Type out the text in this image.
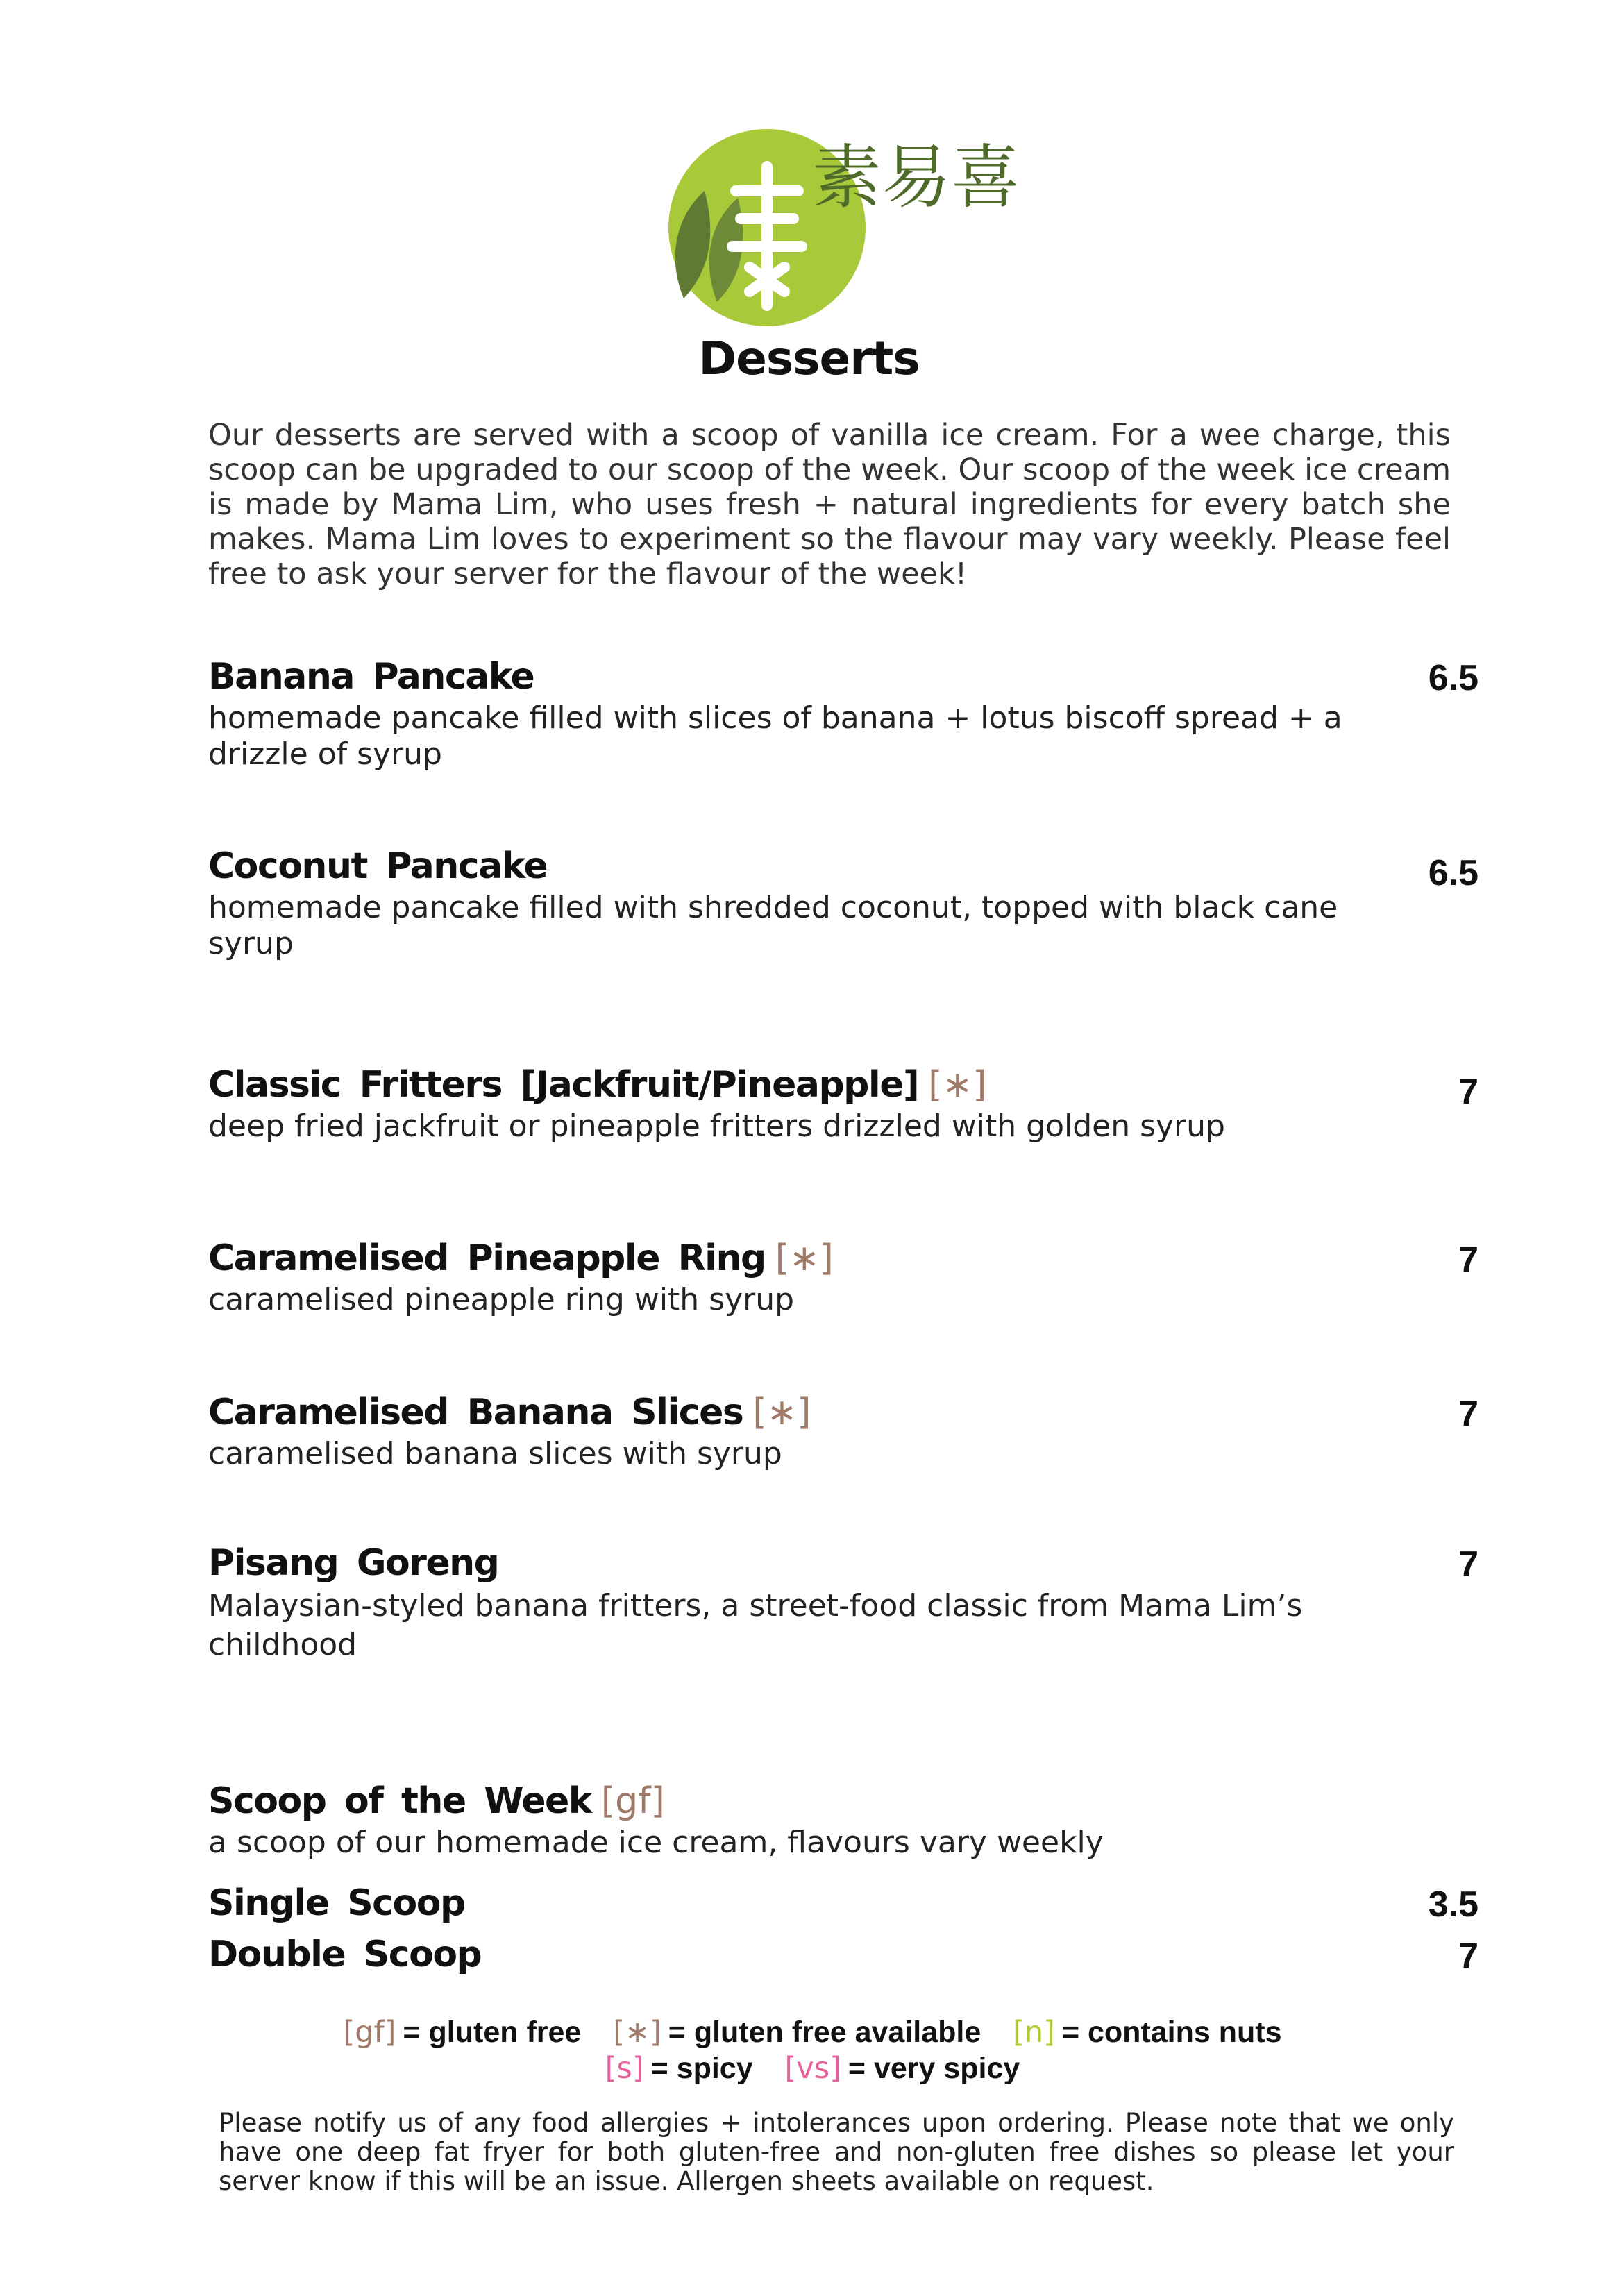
素易喜
Desserts
Our desserts are served with a scoop of vanilla ice cream. For a wee charge, this scoop can be upgraded to our scoop of the week. Our scoop of the week ice cream is made by Mama Lim, who uses fresh + natural ingredients for every batch she makes. Mama Lim loves to experiment so the flavour may vary weekly. Please feel free to ask your server for the flavour of the week!
Banana Pancake	6.5
homemade pancake filled with slices of banana + lotus biscoff spread + a drizzle of syrup
Coconut Pancake	6.5
homemade pancake filled with shredded coconut, topped with black cane syrup
Classic Fritters [Jackfruit/Pineapple] [∗]	7
deep fried jackfruit or pineapple fritters drizzled with golden syrup
Caramelised Pineapple Ring [∗]	7
caramelised pineapple ring with syrup
Caramelised Banana Slices [∗]	7
caramelised banana slices with syrup
Pisang Goreng	7
Malaysian-styled banana fritters, a street-food classic from Mama Lim’s childhood
Scoop of the Week [gf]
a scoop of our homemade ice cream, flavours vary weekly
Single Scoop	3.5
Double Scoop	7
[gf] = gluten free [∗] = gluten free available [n] = contains nuts
[s] = spicy [vs] = very spicy
Please notify us of any food allergies + intolerances upon ordering. Please note that we only have one deep fat fryer for both gluten-free and non-gluten free dishes so please let your server know if this will be an issue. Allergen sheets available on request.
